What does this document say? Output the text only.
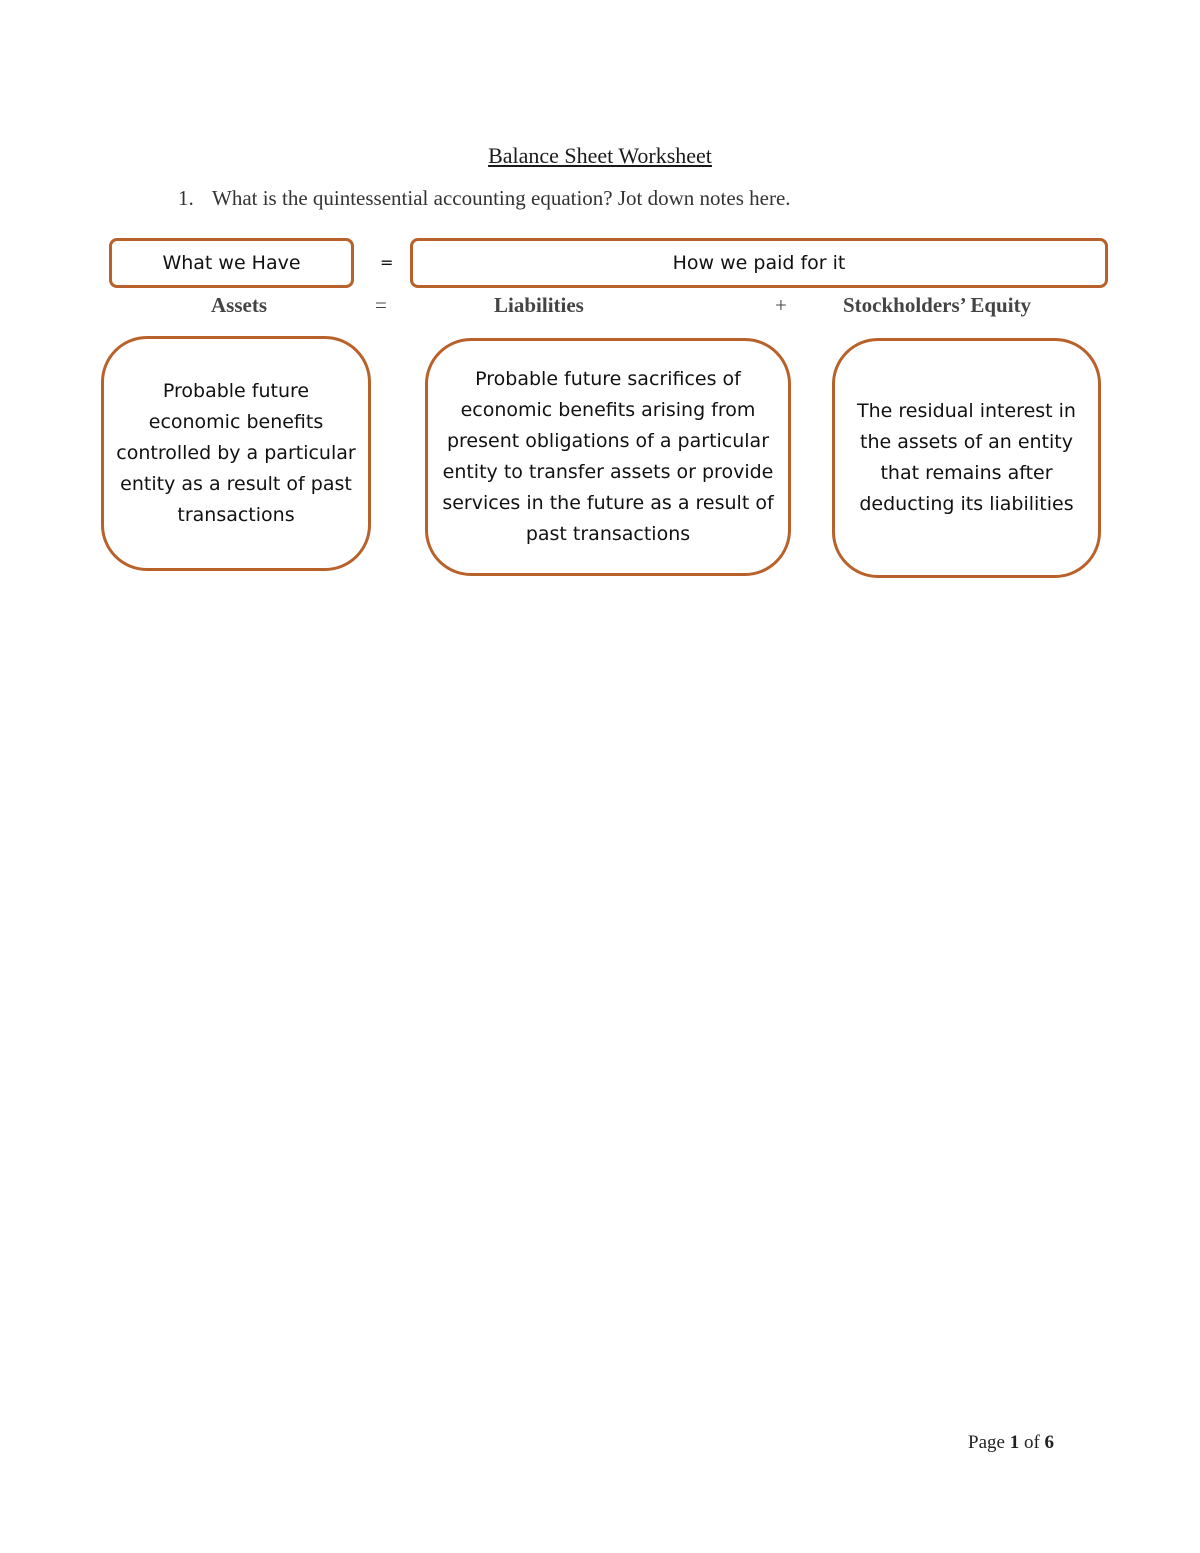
Balance Sheet Worksheet
1. What is the quintessential accounting equation? Jot down notes here.
What we Have	=	How we paid for it
Assets	=	Liabilities	+	Stockholders’ Equity
Probable future economic benefits controlled by a particular entity as a result of past transactions
Probable future sacrifices of economic benefits arising from present obligations of a particular entity to transfer assets or provide services in the future as a result of past transactions
The residual interest in the assets of an entity that remains after deducting its liabilities
Page 1 of 6
